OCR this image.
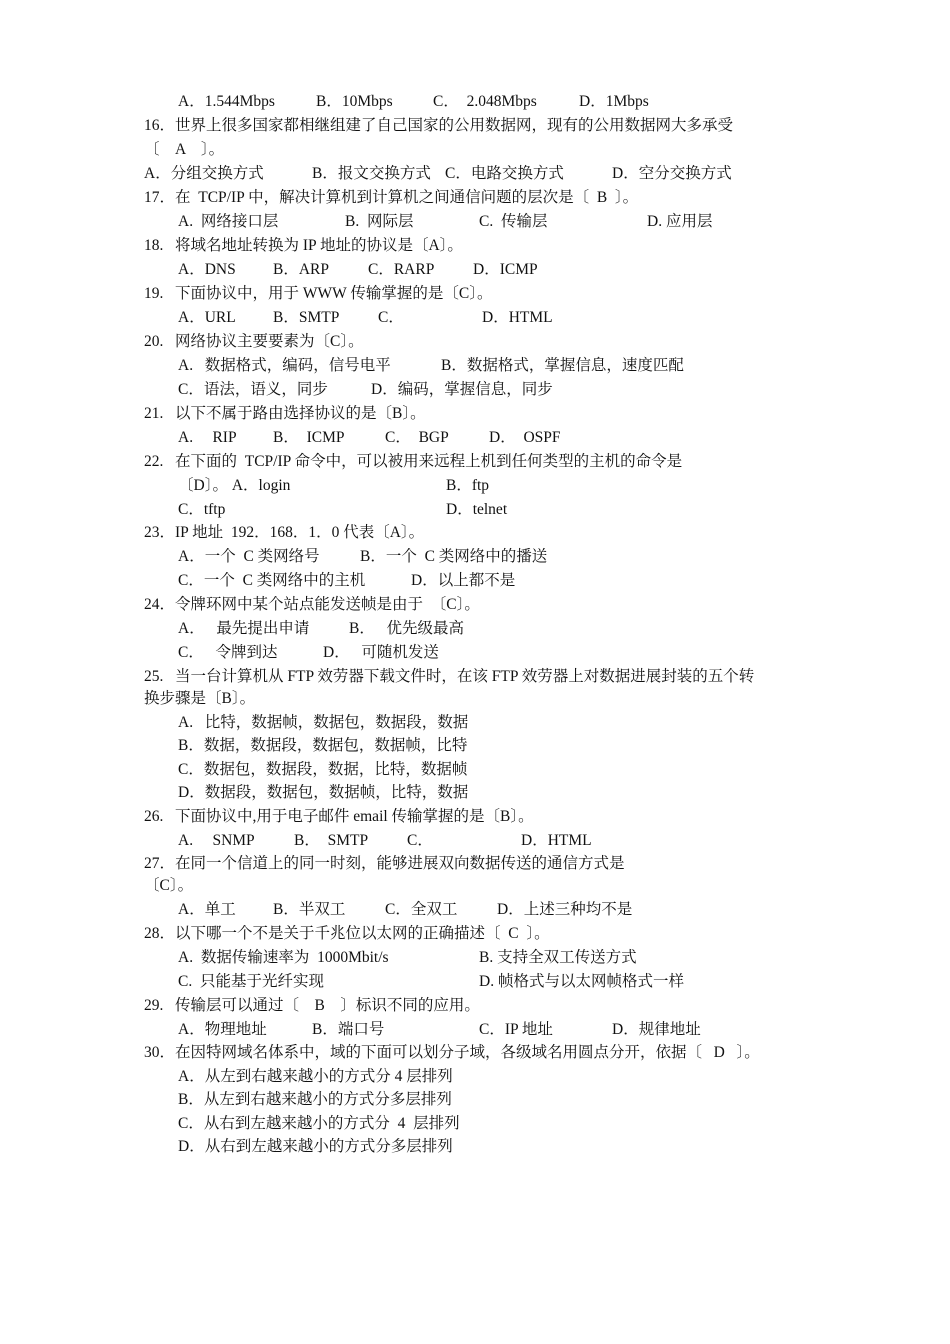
A．1.544Mbps	B．10Mbps	C．  2.048Mbps	D．1Mbps
16．世界上很多国家都相继组建了自己国家的公用数据网，现有的公用数据网大多承受
〔    A    〕。
A．分组交换方式	B．报文交换方式 C．电路交换方式	D．空分交换方式
17．在  TCP/IP 中，解决计算机到计算机之间通信问题的层次是〔  B  〕。
A.  网络接口层	B.  网际层	C.  传输层	D. 应用层
18.   将域名地址转换为 IP 地址的协议是〔A〕。
A．DNS B．ARP	C．RARP D．ICMP
19.   下面协议中，用于 WWW 传输掌握的是〔C〕。
A．URL B．SMTP C．	D．HTML
20.   网络协议主要要素为〔C〕。
A.   数据格式，编码，信号电平	B．数据格式，掌握信息，速度匹配
C．语法，语义，同步	D．编码，掌握信息，同步
21.   以下不属于路由选择协议的是〔B〕。
A.     RIP B．  ICMP	C．  BGP	D．  OSPF
22.   在下面的  TCP/IP 命令中，可以被用来远程上机到任何类型的主机的命令是
〔D〕。 A．login	B．ftp
C．tftp	D．telnet
23．IP 地址  192．168．1．0 代表〔A〕。
A．一个  C 类网络号	B．一个  C 类网络中的播送
C．一个  C 类网络中的主机	D．以上都不是
24．令牌环网中某个站点能发送帧是由于  〔C〕。
A．   最先提出申请	B．   优先级最高
C．   令牌到达	D．   可随机发送
25.   当一台计算机从 FTP 效劳器下载文件时，在该 FTP 效劳器上对数据进展封装的五个转
换步骤是〔B〕。
A.   比特，数据帧，数据包，数据段，数据
B．数据，数据段，数据包，数据帧，比特
C．数据包，数据段，数据，比特，数据帧
D．数据段，数据包，数据帧，比特，数据
26.   下面协议中,用于电子邮件 email 传输掌握的是〔B〕。
A.     SNMP	B．  SMTP	C．	D．HTML
27．在同一个信道上的同一时刻，能够进展双向数据传送的通信方式是
〔C〕。
A．单工 B．半双工	C．全双工	D．上述三种均不是
28．以下哪一个不是关于千兆位以太网的正确描述〔  C  〕。
A.  数据传输速率为  1000Mbit/s	B. 支持全双工传送方式
C.  只能基于光纤实现	D. 帧格式与以太网帧格式一样
29.   传输层可以通过〔    B    〕标识不同的应用。
A．物理地址	B．端口号	C．IP 地址	D．规律地址
30．在因特网域名体系中，域的下面可以划分子域，各级域名用圆点分开，依据〔   D   〕。
A．从左到右越来越小的方式分 4 层排列
B．从左到右越来越小的方式分多层排列
C．从右到左越来越小的方式分  4  层排列
D．从右到左越来越小的方式分多层排列
